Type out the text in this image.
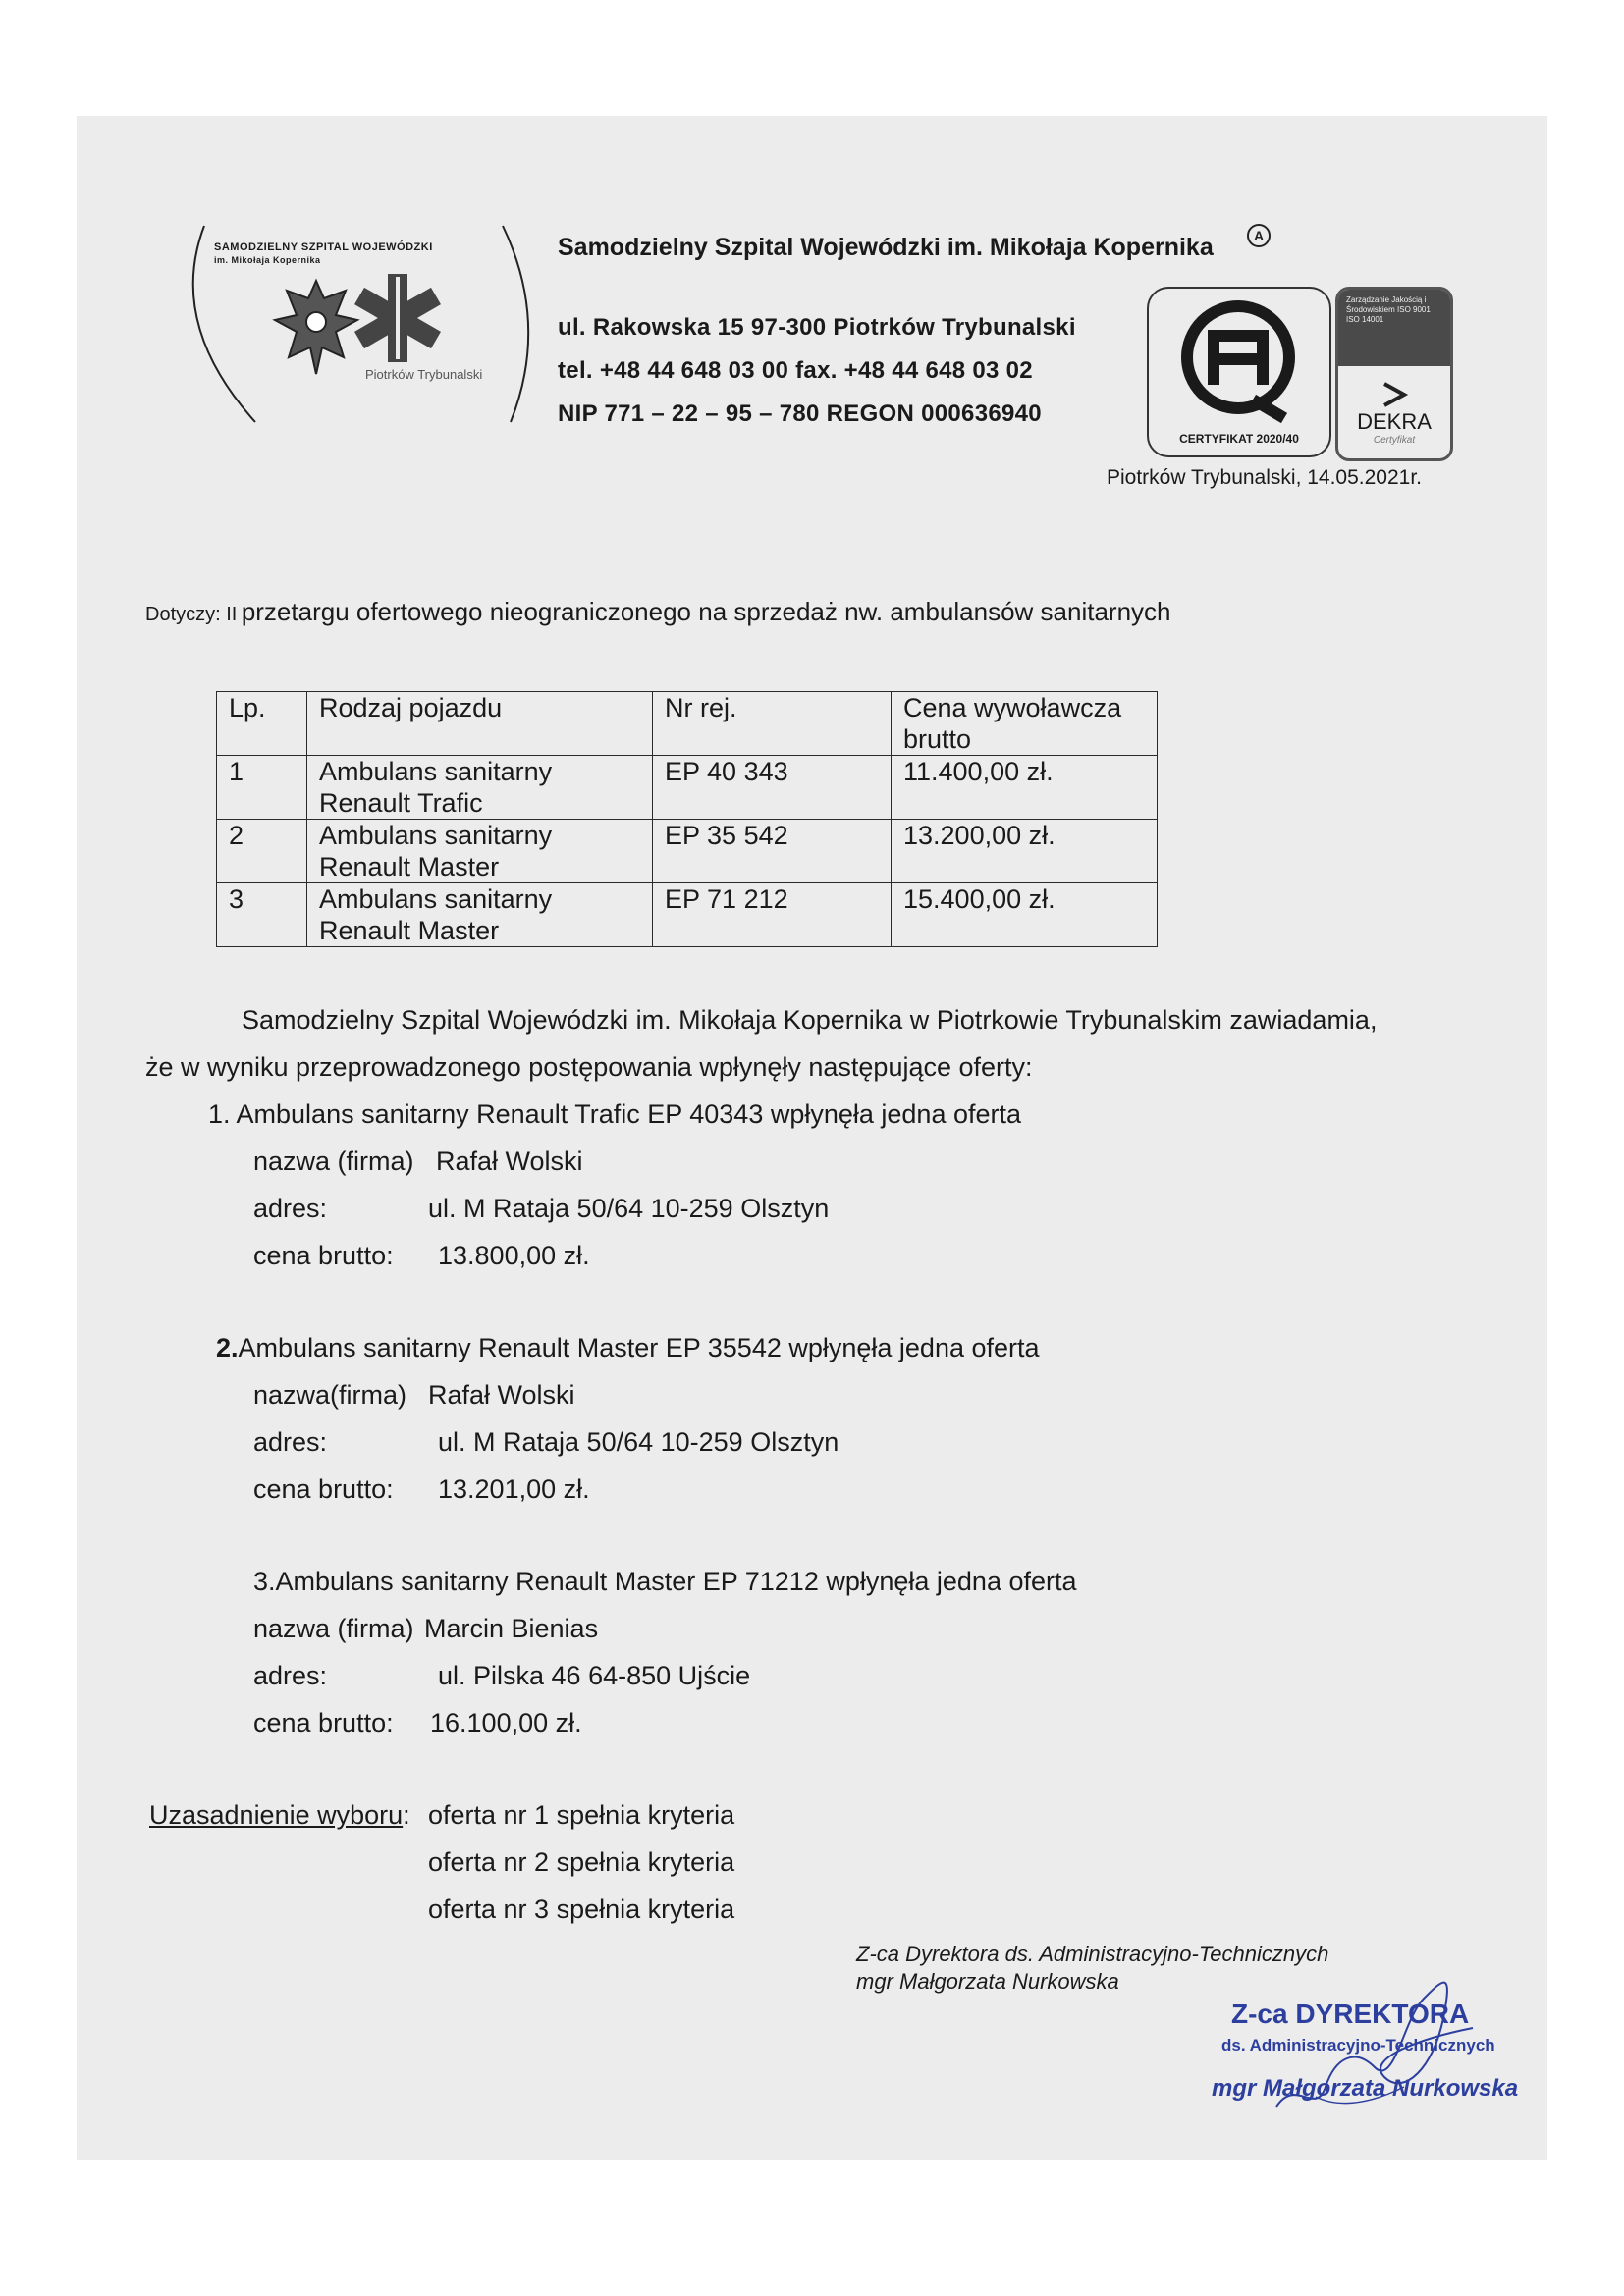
SAMODZIELNY SZPITAL WOJEWÓDZKI
im. Mikołaja Kopernika
Piotrków Trybunalski
Samodzielny Szpital Wojewódzki im. Mikołaja Kopernika	A
ul. Rakowska 15 97-300 Piotrków Trybunalski
tel. +48 44 648 03 00 fax. +48 44 648 03 02
NIP 771 – 22 – 95 – 780 REGON 000636940
CERTYFIKAT 2020/40
Zarządzanie Jakością i Środowiskiem ISO 9001 ISO 14001
DEKRA
Certyfikat
Piotrków Trybunalski, 14.05.2021r.
Dotyczy: II przetargu ofertowego nieograniczonego na sprzedaż nw. ambulansów sanitarnych
Lp.	Rodzaj pojazdu	Nr rej.	Cena wywoławcza brutto
1	Ambulans sanitarny Renault Trafic	EP 40 343	11.400,00 zł.
2	Ambulans sanitarny Renault Master	EP 35 542	13.200,00 zł.
3	Ambulans sanitarny Renault Master	EP 71 212	15.400,00 zł.
Samodzielny Szpital Wojewódzki im. Mikołaja Kopernika w Piotrkowie Trybunalskim zawiadamia,
że w wyniku przeprowadzonego postępowania wpłynęły następujące oferty:
1. Ambulans sanitarny Renault Trafic EP 40343 wpłynęła jedna oferta
nazwa (firma) Rafał Wolski
adres:	ul. M Rataja 50/64 10-259 Olsztyn
cena brutto: 13.800,00 zł.
2.Ambulans sanitarny Renault Master EP 35542 wpłynęła jedna oferta
nazwa(firma) Rafał Wolski
adres:	ul. M Rataja 50/64 10-259 Olsztyn
cena brutto: 13.201,00 zł.
3.Ambulans sanitarny Renault Master EP 71212 wpłynęła jedna oferta
nazwa (firma) Marcin Bienias
adres:	ul. Pilska 46 64-850 Ujście
cena brutto: 16.100,00 zł.
Uzasadnienie wyboru: oferta nr 1 spełnia kryteria
oferta nr 2 spełnia kryteria
oferta nr 3 spełnia kryteria
Z-ca Dyrektora ds. Administracyjno-Technicznych
mgr Małgorzata Nurkowska
Z-ca DYREKTORA
ds. Administracyjno-Technicznych
mgr Małgorzata Nurkowska
